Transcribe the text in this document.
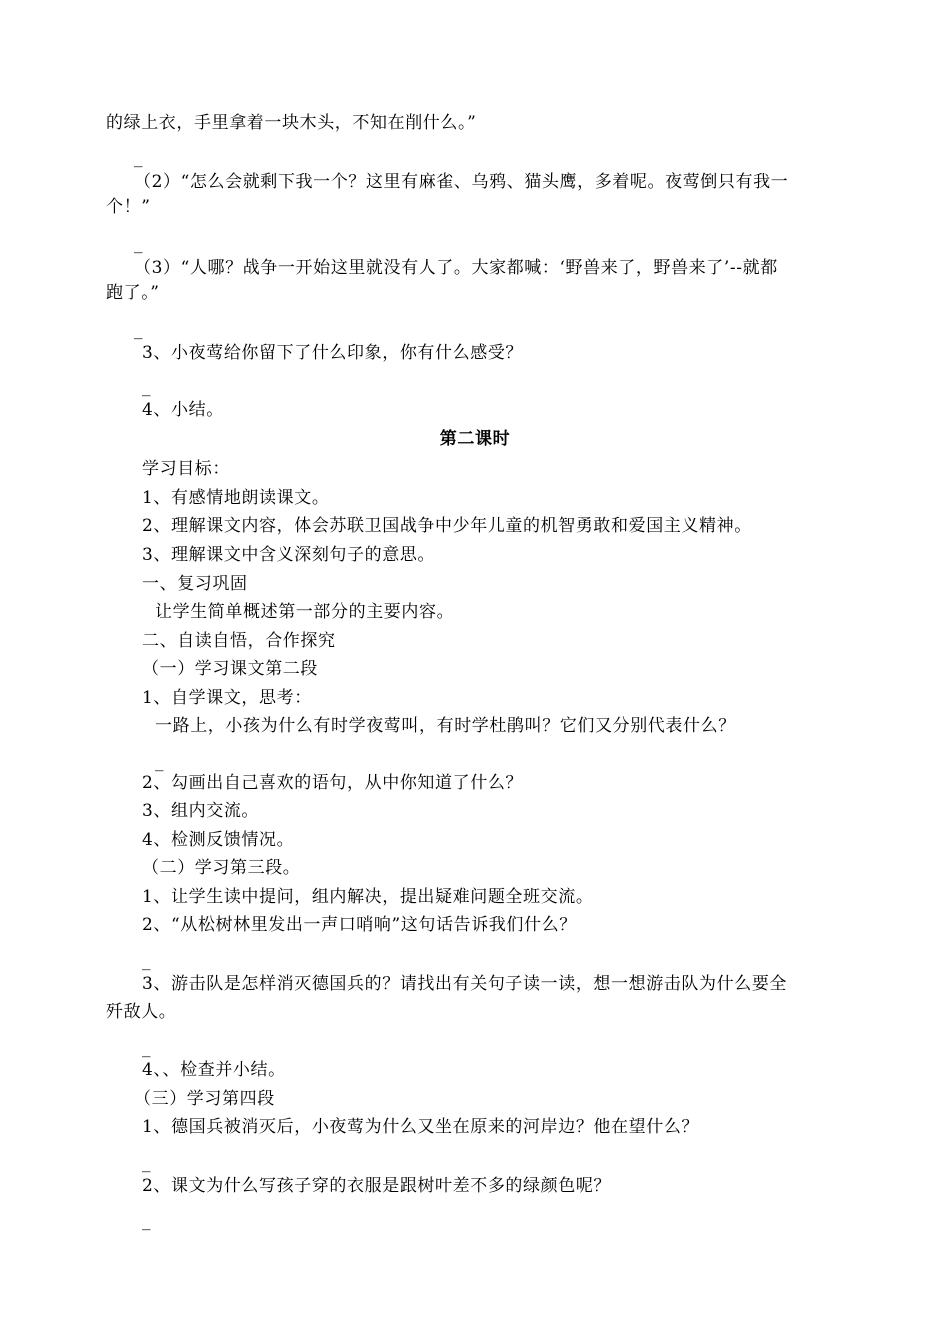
的绿上衣，手里拿着一块木头，不知在削什么。”
_
（2）“怎么会就剩下我一个？这里有麻雀、乌鸦、猫头鹰，多着呢。夜莺倒只有我一
个！”
_
（3）“人哪？战争一开始这里就没有人了。大家都喊：‘野兽来了，野兽来了’--就都
跑了。”
_
3、小夜莺给你留下了什么印象，你有什么感受？
_
4、小结。
第二课时
学习目标：
1、有感情地朗读课文。
2、理解课文内容，体会苏联卫国战争中少年儿童的机智勇敢和爱国主义精神。
3、理解课文中含义深刻句子的意思。
一、复习巩固
让学生简单概述第一部分的主要内容。
二、自读自悟，合作探究
（一）学习课文第二段
1、自学课文，思考：
一路上，小孩为什么有时学夜莺叫，有时学杜鹃叫？它们又分别代表什么？
_
2、勾画出自己喜欢的语句，从中你知道了什么？
3、组内交流。
4、检测反馈情况。
（二）学习第三段。
1、让学生读中提问，组内解决，提出疑难问题全班交流。
2、“从松树林里发出一声口哨响”这句话告诉我们什么？
_
3、游击队是怎样消灭德国兵的？请找出有关句子读一读，想一想游击队为什么要全
歼敌人。
_
4、、检查并小结。
（三）学习第四段
1、德国兵被消灭后，小夜莺为什么又坐在原来的河岸边？他在望什么？
_
2、课文为什么写孩子穿的衣服是跟树叶差不多的绿颜色呢？
_
